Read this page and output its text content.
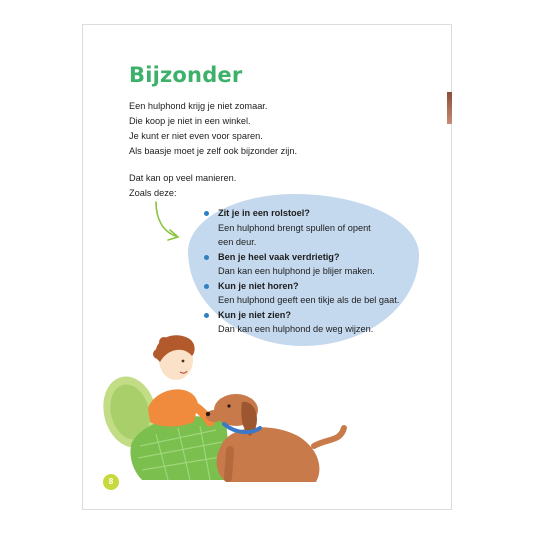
Bijzonder
Een hulphond krijg je niet zomaar.
Die koop je niet in een winkel.
Je kunt er niet even voor sparen.
Als baasje moet je zelf ook bijzonder zijn.
Dat kan op veel manieren.
Zoals deze:
Zit je in een rolstoel?
Een hulphond brengt spullen of opent
een deur.
Ben je heel vaak verdrietig?
Dan kan een hulphond je blijer maken.
Kun je niet horen?
Een hulphond geeft een tikje als de bel gaat.
Kun je niet zien?
Dan kan een hulphond de weg wijzen.
8
